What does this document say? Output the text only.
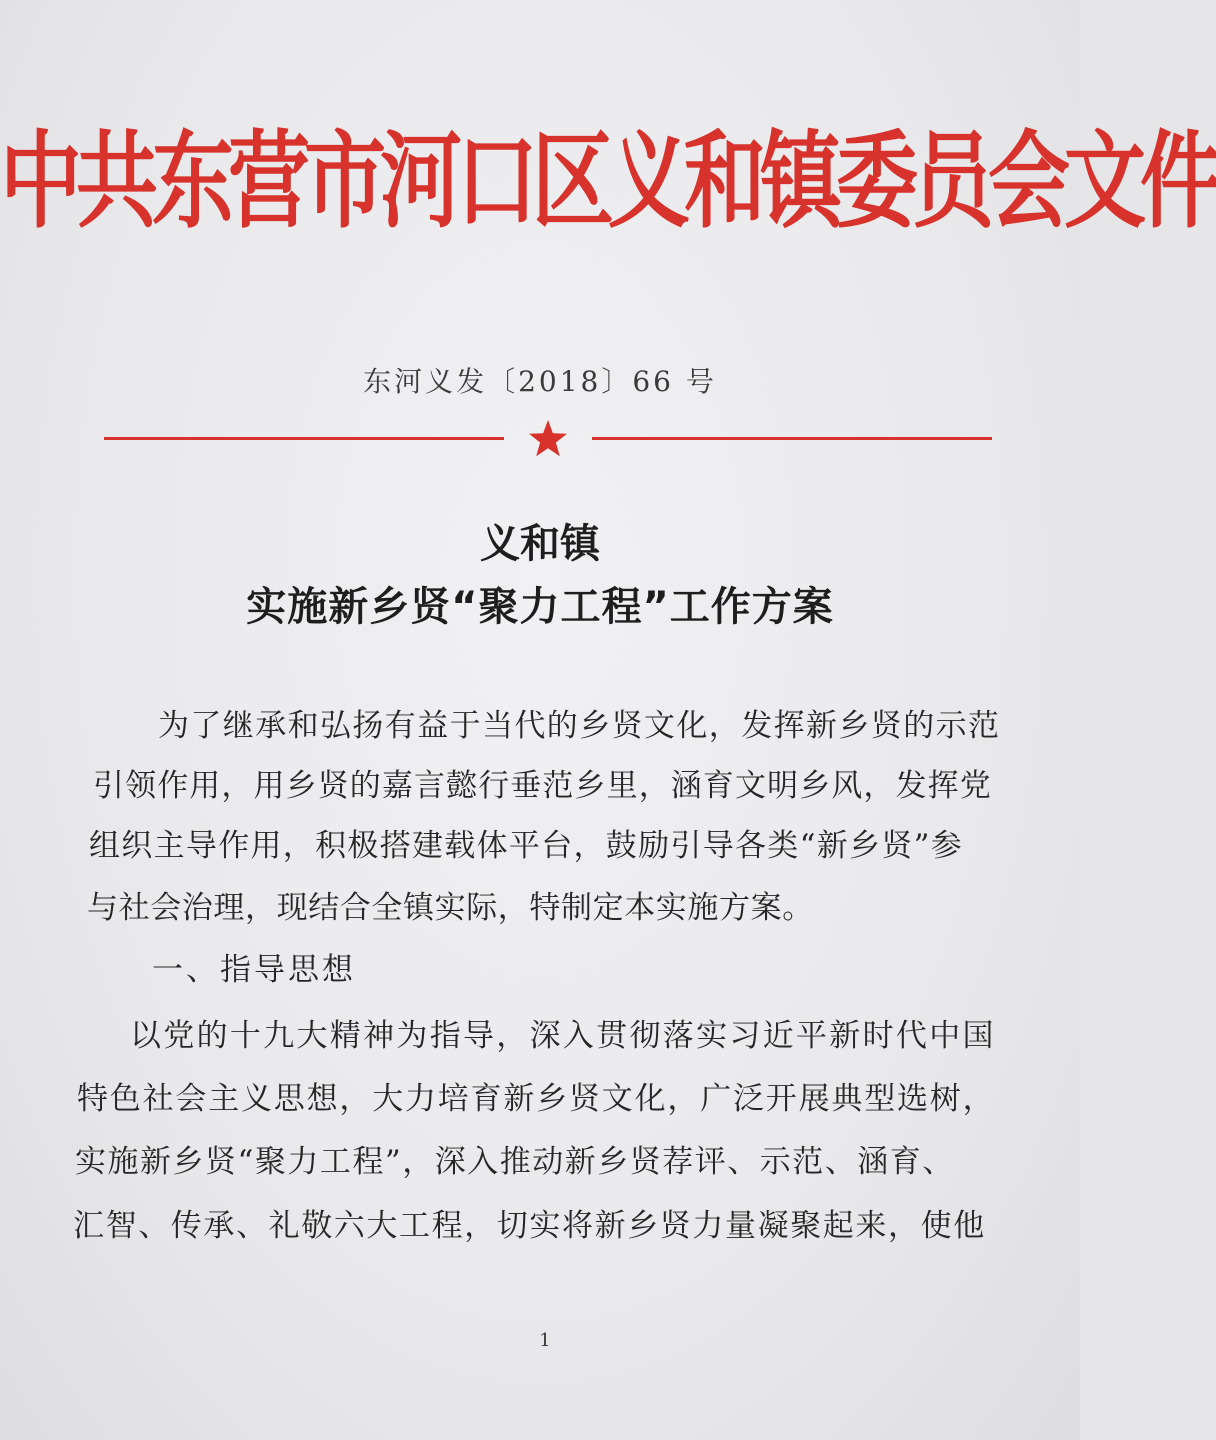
中共东营市河口区义和镇委员会文件
东河义发〔2018〕66 号
义和镇
实施新乡贤“聚力工程”工作方案
为了继承和弘扬有益于当代的乡贤文化，发挥新乡贤的示范
引领作用，用乡贤的嘉言懿行垂范乡里，涵育文明乡风，发挥党
组织主导作用，积极搭建载体平台，鼓励引导各类“新乡贤”参
与社会治理，现结合全镇实际，特制定本实施方案。
一、指导思想
以党的十九大精神为指导，深入贯彻落实习近平新时代中国
特色社会主义思想，大力培育新乡贤文化，广泛开展典型选树，
实施新乡贤“聚力工程”，深入推动新乡贤荐评、示范、涵育、
汇智、传承、礼敬六大工程，切实将新乡贤力量凝聚起来，使他
1
